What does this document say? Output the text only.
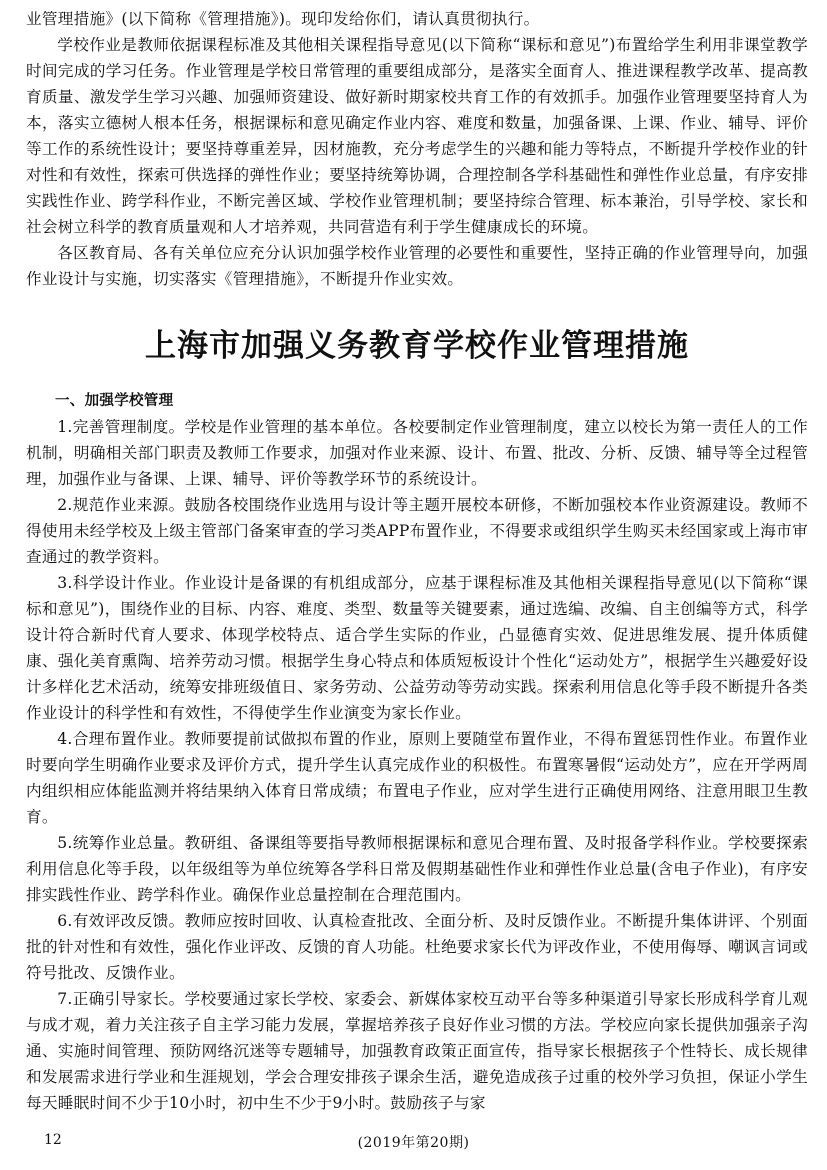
业管理措施》(以下简称《管理措施》)。现印发给你们，请认真贯彻执行。

学校作业是教师依据课程标准及其他相关课程指导意见(以下简称“课标和意见”)布置给学生利用非课堂教学时间完成的学习任务。作业管理是学校日常管理的重要组成部分，是落实全面育人、推进课程教学改革、提高教育质量、激发学生学习兴趣、加强师资建设、做好新时期家校共育工作的有效抓手。加强作业管理要坚持育人为本，落实立德树人根本任务，根据课标和意见确定作业内容、难度和数量，加强备课、上课、作业、辅导、评价等工作的系统性设计；要坚持尊重差异，因材施教，充分考虑学生的兴趣和能力等特点，不断提升学校作业的针对性和有效性，探索可供选择的弹性作业；要坚持统筹协调，合理控制各学科基础性和弹性作业总量，有序安排实践性作业、跨学科作业，不断完善区域、学校作业管理机制；要坚持综合管理、标本兼治，引导学校、家长和社会树立科学的教育质量观和人才培养观，共同营造有利于学生健康成长的环境。

各区教育局、各有关单位应充分认识加强学校作业管理的必要性和重要性，坚持正确的作业管理导向，加强作业设计与实施，切实落实《管理措施》，不断提升作业实效。

上海市加强义务教育学校作业管理措施
一、加强学校管理

1.完善管理制度。学校是作业管理的基本单位。各校要制定作业管理制度，建立以校长为第一责任人的工作机制，明确相关部门职责及教师工作要求，加强对作业来源、设计、布置、批改、分析、反馈、辅导等全过程管理，加强作业与备课、上课、辅导、评价等教学环节的系统设计。

2.规范作业来源。鼓励各校围绕作业选用与设计等主题开展校本研修，不断加强校本作业资源建设。教师不得使用未经学校及上级主管部门备案审查的学习类APP布置作业，不得要求或组织学生购买未经国家或上海市审查通过的教学资料。

3.科学设计作业。作业设计是备课的有机组成部分，应基于课程标准及其他相关课程指导意见(以下简称“课标和意见”)，围绕作业的目标、内容、难度、类型、数量等关键要素，通过选编、改编、自主创编等方式，科学设计符合新时代育人要求、体现学校特点、适合学生实际的作业，凸显德育实效、促进思维发展、提升体质健康、强化美育熏陶、培养劳动习惯。根据学生身心特点和体质短板设计个性化“运动处方”，根据学生兴趣爱好设计多样化艺术活动，统筹安排班级值日、家务劳动、公益劳动等劳动实践。探索利用信息化等手段不断提升各类作业设计的科学性和有效性，不得使学生作业演变为家长作业。

4.合理布置作业。教师要提前试做拟布置的作业，原则上要随堂布置作业，不得布置惩罚性作业。布置作业时要向学生明确作业要求及评价方式，提升学生认真完成作业的积极性。布置寒暑假“运动处方”，应在开学两周内组织相应体能监测并将结果纳入体育日常成绩；布置电子作业，应对学生进行正确使用网络、注意用眼卫生教育。

5.统筹作业总量。教研组、备课组等要指导教师根据课标和意见合理布置、及时报备学科作业。学校要探索利用信息化等手段，以年级组等为单位统筹各学科日常及假期基础性作业和弹性作业总量(含电子作业)，有序安排实践性作业、跨学科作业。确保作业总量控制在合理范围内。

6.有效评改反馈。教师应按时回收、认真检查批改、全面分析、及时反馈作业。不断提升集体讲评、个别面批的针对性和有效性，强化作业评改、反馈的育人功能。杜绝要求家长代为评改作业，不使用侮辱、嘲讽言词或符号批改、反馈作业。

7.正确引导家长。学校要通过家长学校、家委会、新媒体家校互动平台等多种渠道引导家长形成科学育儿观与成才观，着力关注孩子自主学习能力发展，掌握培养孩子良好作业习惯的方法。学校应向家长提供加强亲子沟通、实施时间管理、预防网络沉迷等专题辅导，加强教育政策正面宣传，指导家长根据孩子个性特长、成长规律和发展需求进行学业和生涯规划，学会合理安排孩子课余生活，避免造成孩子过重的校外学习负担，保证小学生每天睡眠时间不少于10小时，初中生不少于9小时。鼓励孩子与家

12	(2019年第20期)
